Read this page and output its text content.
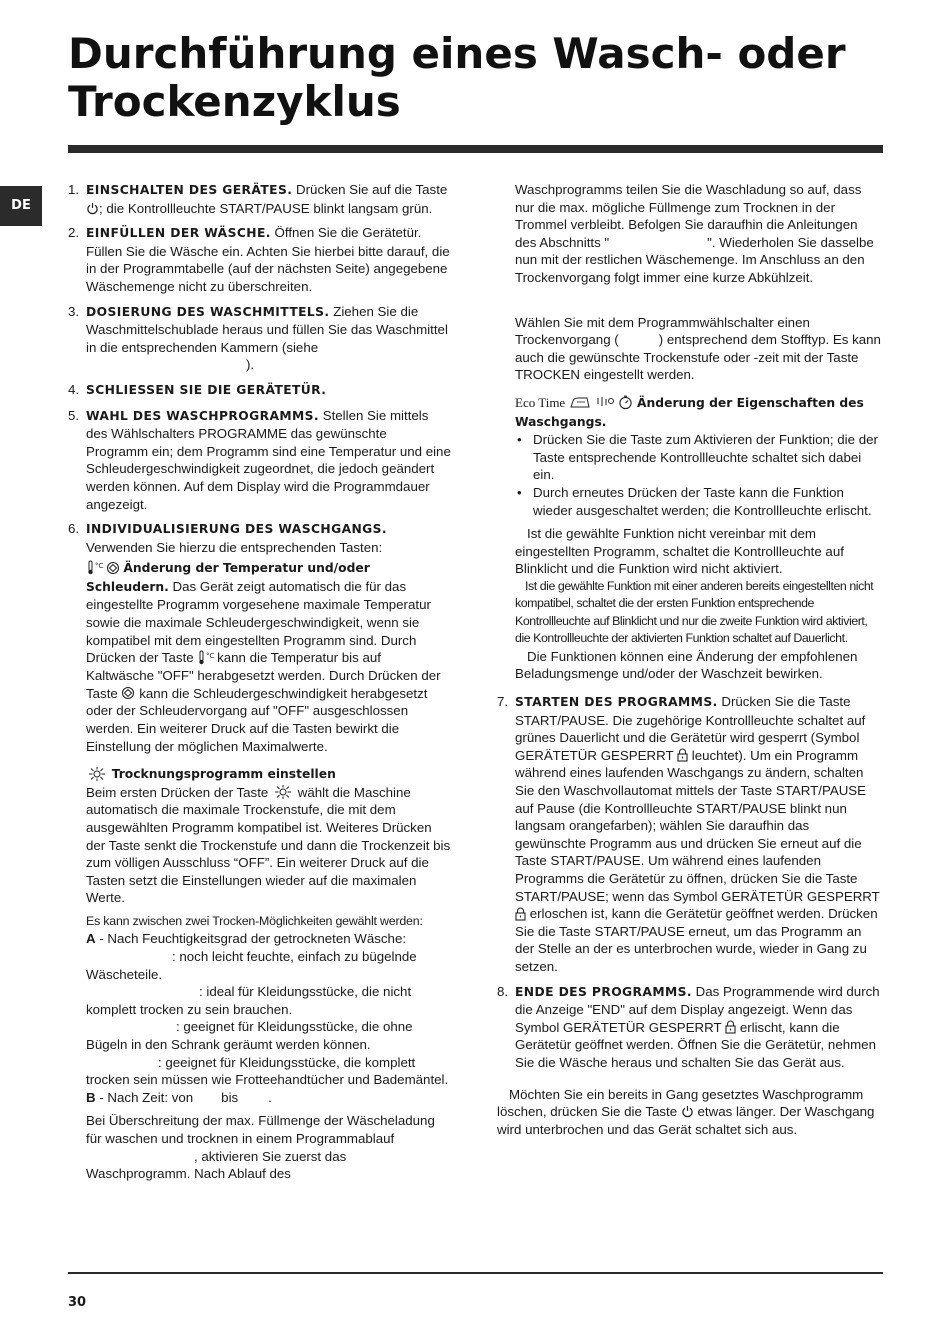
Durchführung eines Wasch- oder Trockenzyklus
DE
1. EINSCHALTEN DES GERÄTES. Drücken Sie auf die Taste ; die Kontrollleuchte START/PAUSE blinkt langsam grün.
2. EINFÜLLEN DER WÄSCHE. Öffnen Sie die Gerätetür. Füllen Sie die Wäsche ein. Achten Sie hierbei bitte darauf, die in der Programmtabelle (auf der nächsten Seite) angegebene Wäschemenge nicht zu überschreiten.
3. DOSIERUNG DES WASCHMITTELS. Ziehen Sie die Waschmittelschublade heraus und füllen Sie das Waschmittel in die entsprechenden Kammern (siehe).
4. SCHLIESSEN SIE DIE GERÄTETÜR.
5. WAHL DES WASCHPROGRAMMS. Stellen Sie mittels des Wählschalters PROGRAMME das gewünschte Programm ein; dem Programm sind eine Temperatur und eine Schleudergeschwindigkeit zugeordnet, die jedoch geändert werden können. Auf dem Display wird die Programmdauer angezeigt.
6. INDIVIDUALISIERUNG DES WASCHGANGS.
Verwenden Sie hierzu die entsprechenden Tasten:

°C Änderung der Temperatur und/oder Schleudern. Das Gerät zeigt automatisch die für das eingestellte Programm vorgesehene maximale Temperatur sowie die maximale Schleudergeschwindigkeit, wenn sie kompatibel mit dem eingestellten Programm sind. Durch Drücken der Taste °C kann die Temperatur bis auf Kaltwäsche "OFF" herabgesetzt werden. Durch Drücken der Taste kann die Schleudergeschwindigkeit herabgesetzt oder der Schleudervorgang auf "OFF" ausgeschlossen werden. Ein weiterer Druck auf die Tasten bewirkt die Einstellung der möglichen Maximalwerte.

Trocknungsprogramm einstellen
Beim ersten Drücken der Taste wählt die Maschine automatisch die maximale Trockenstufe, die mit dem ausgewählten Programm kompatibel ist. Weiteres Drücken der Taste senkt die Trockenstufe und dann die Trockenzeit bis zum völligen Ausschluss “OFF”. Ein weiterer Druck auf die Tasten setzt die Einstellungen wieder auf die maximalen Werte.

Es kann zwischen zwei Trocken-Möglichkeiten gewählt werden:

A - Nach Feuchtigkeitsgrad der getrockneten Wäsche:

: noch leicht feuchte, einfach zu bügelnde Wäscheteile.

: ideal für Kleidungsstücke, die nicht komplett trocken zu sein brauchen.

: geeignet für Kleidungsstücke, die ohne Bügeln in den Schrank geräumt werden können.

: geeignet für Kleidungsstücke, die komplett trocken sein müssen wie Frotteehandtücher und Bademäntel.

B - Nach Zeit: von bis .

Bei Überschreitung der max. Füllmenge der Wäscheladung für waschen und trocknen in einem Programmablauf, aktivieren Sie zuerst das Waschprogramm. Nach Ablauf des

Waschprogramms teilen Sie die Waschladung so auf, dass nur die max. mögliche Füllmenge zum Trocknen in der Trommel verbleibt. Befolgen Sie daraufhin die Anleitungen des Abschnitts "	". Wiederholen Sie dasselbe nun mit der restlichen Wäschemenge. Im Anschluss an den Trockenvorgang folgt immer eine kurze Abkühlzeit.

Wählen Sie mit dem Programmwählschalter einen Trockenvorgang (	) entsprechend dem Stofftyp. Es kann auch die gewünschte Trockenstufe oder -zeit mit der Taste TROCKEN eingestellt werden.

Eco Time	Änderung der Eigenschaften des Waschgangs.

• Drücken Sie die Taste zum Aktivieren der Funktion; die der Taste entsprechende Kontrollleuchte schaltet sich dabei ein.
• Durch erneutes Drücken der Taste kann die Funktion wieder ausgeschaltet werden; die Kontrollleuchte erlischt.

Ist die gewählte Funktion nicht vereinbar mit dem eingestellten Programm, schaltet die Kontrollleuchte auf Blinklicht und die Funktion wird nicht aktiviert.

Ist die gewählte Funktion mit einer anderen bereits eingestellten nicht kompatibel, schaltet die der ersten Funktion entsprechende Kontrollleuchte auf Blinklicht und nur die zweite Funktion wird aktiviert, die Kontrollleuchte der aktivierten Funktion schaltet auf Dauerlicht.

Die Funktionen können eine Änderung der empfohlenen Beladungsmenge und/oder der Waschzeit bewirken.

7. STARTEN DES PROGRAMMS. Drücken Sie die Taste START/PAUSE. Die zugehörige Kontrollleuchte schaltet auf grünes Dauerlicht und die Gerätetür wird gesperrt (Symbol GERÄTETÜR GESPERRT leuchtet). Um ein Programm während eines laufenden Waschgangs zu ändern, schalten Sie den Waschvollautomat mittels der Taste START/PAUSE auf Pause (die Kontrollleuchte START/PAUSE blinkt nun langsam orangefarben); wählen Sie daraufhin das gewünschte Programm aus und drücken Sie erneut auf die Taste START/PAUSE. Um während eines laufenden Programms die Gerätetür zu öffnen, drücken Sie die Taste START/PAUSE; wenn das Symbol GERÄTETÜR GESPERRT  erloschen ist, kann die Gerätetür geöffnet werden. Drücken Sie die Taste START/PAUSE erneut, um das Programm an der Stelle an der es unterbrochen wurde, wieder in Gang zu setzen.
8. ENDE DES PROGRAMMS. Das Programmende wird durch die Anzeige "END" auf dem Display angezeigt. Wenn das Symbol GERÄTETÜR GESPERRT erlischt, kann die Gerätetür geöffnet werden. Öffnen Sie die Gerätetür, nehmen Sie die Wäsche heraus und schalten Sie das Gerät aus.

Möchten Sie ein bereits in Gang gesetztes Waschprogramm löschen, drücken Sie die Taste etwas länger. Der Waschgang wird unterbrochen und das Gerät schaltet sich aus.

30
